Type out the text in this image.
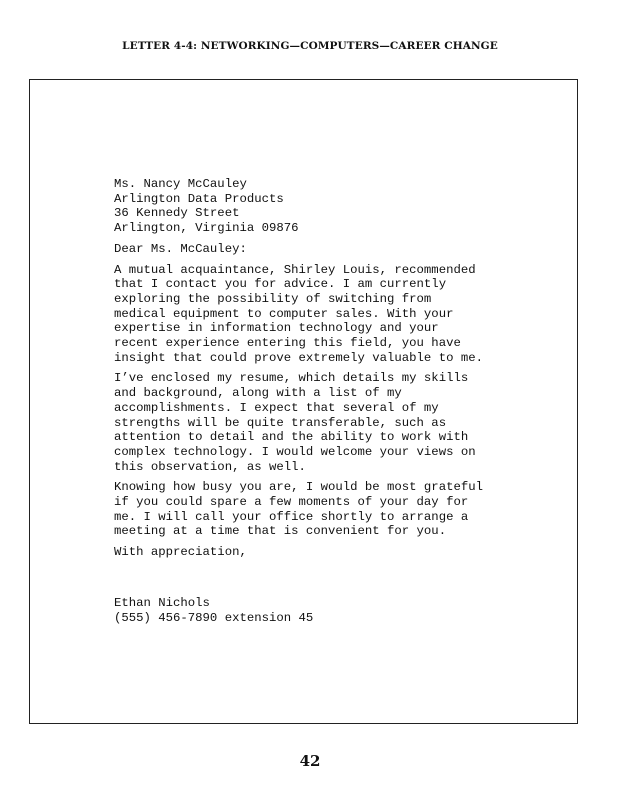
LETTER 4-4: NETWORKING—COMPUTERS—CAREER CHANGE
Ms. Nancy McCauley
Arlington Data Products
36 Kennedy Street
Arlington, Virginia 09876
Dear Ms. McCauley:
A mutual acquaintance, Shirley Louis, recommended
that I contact you for advice. I am currently
exploring the possibility of switching from
medical equipment to computer sales. With your
expertise in information technology and your
recent experience entering this field, you have
insight that could prove extremely valuable to me.
I’ve enclosed my resume, which details my skills
and background, along with a list of my
accomplishments. I expect that several of my
strengths will be quite transferable, such as
attention to detail and the ability to work with
complex technology. I would welcome your views on
this observation, as well.
Knowing how busy you are, I would be most grateful
if you could spare a few moments of your day for
me. I will call your office shortly to arrange a
meeting at a time that is convenient for you.
With appreciation,
Ethan Nichols
(555) 456-7890 extension 45
42
